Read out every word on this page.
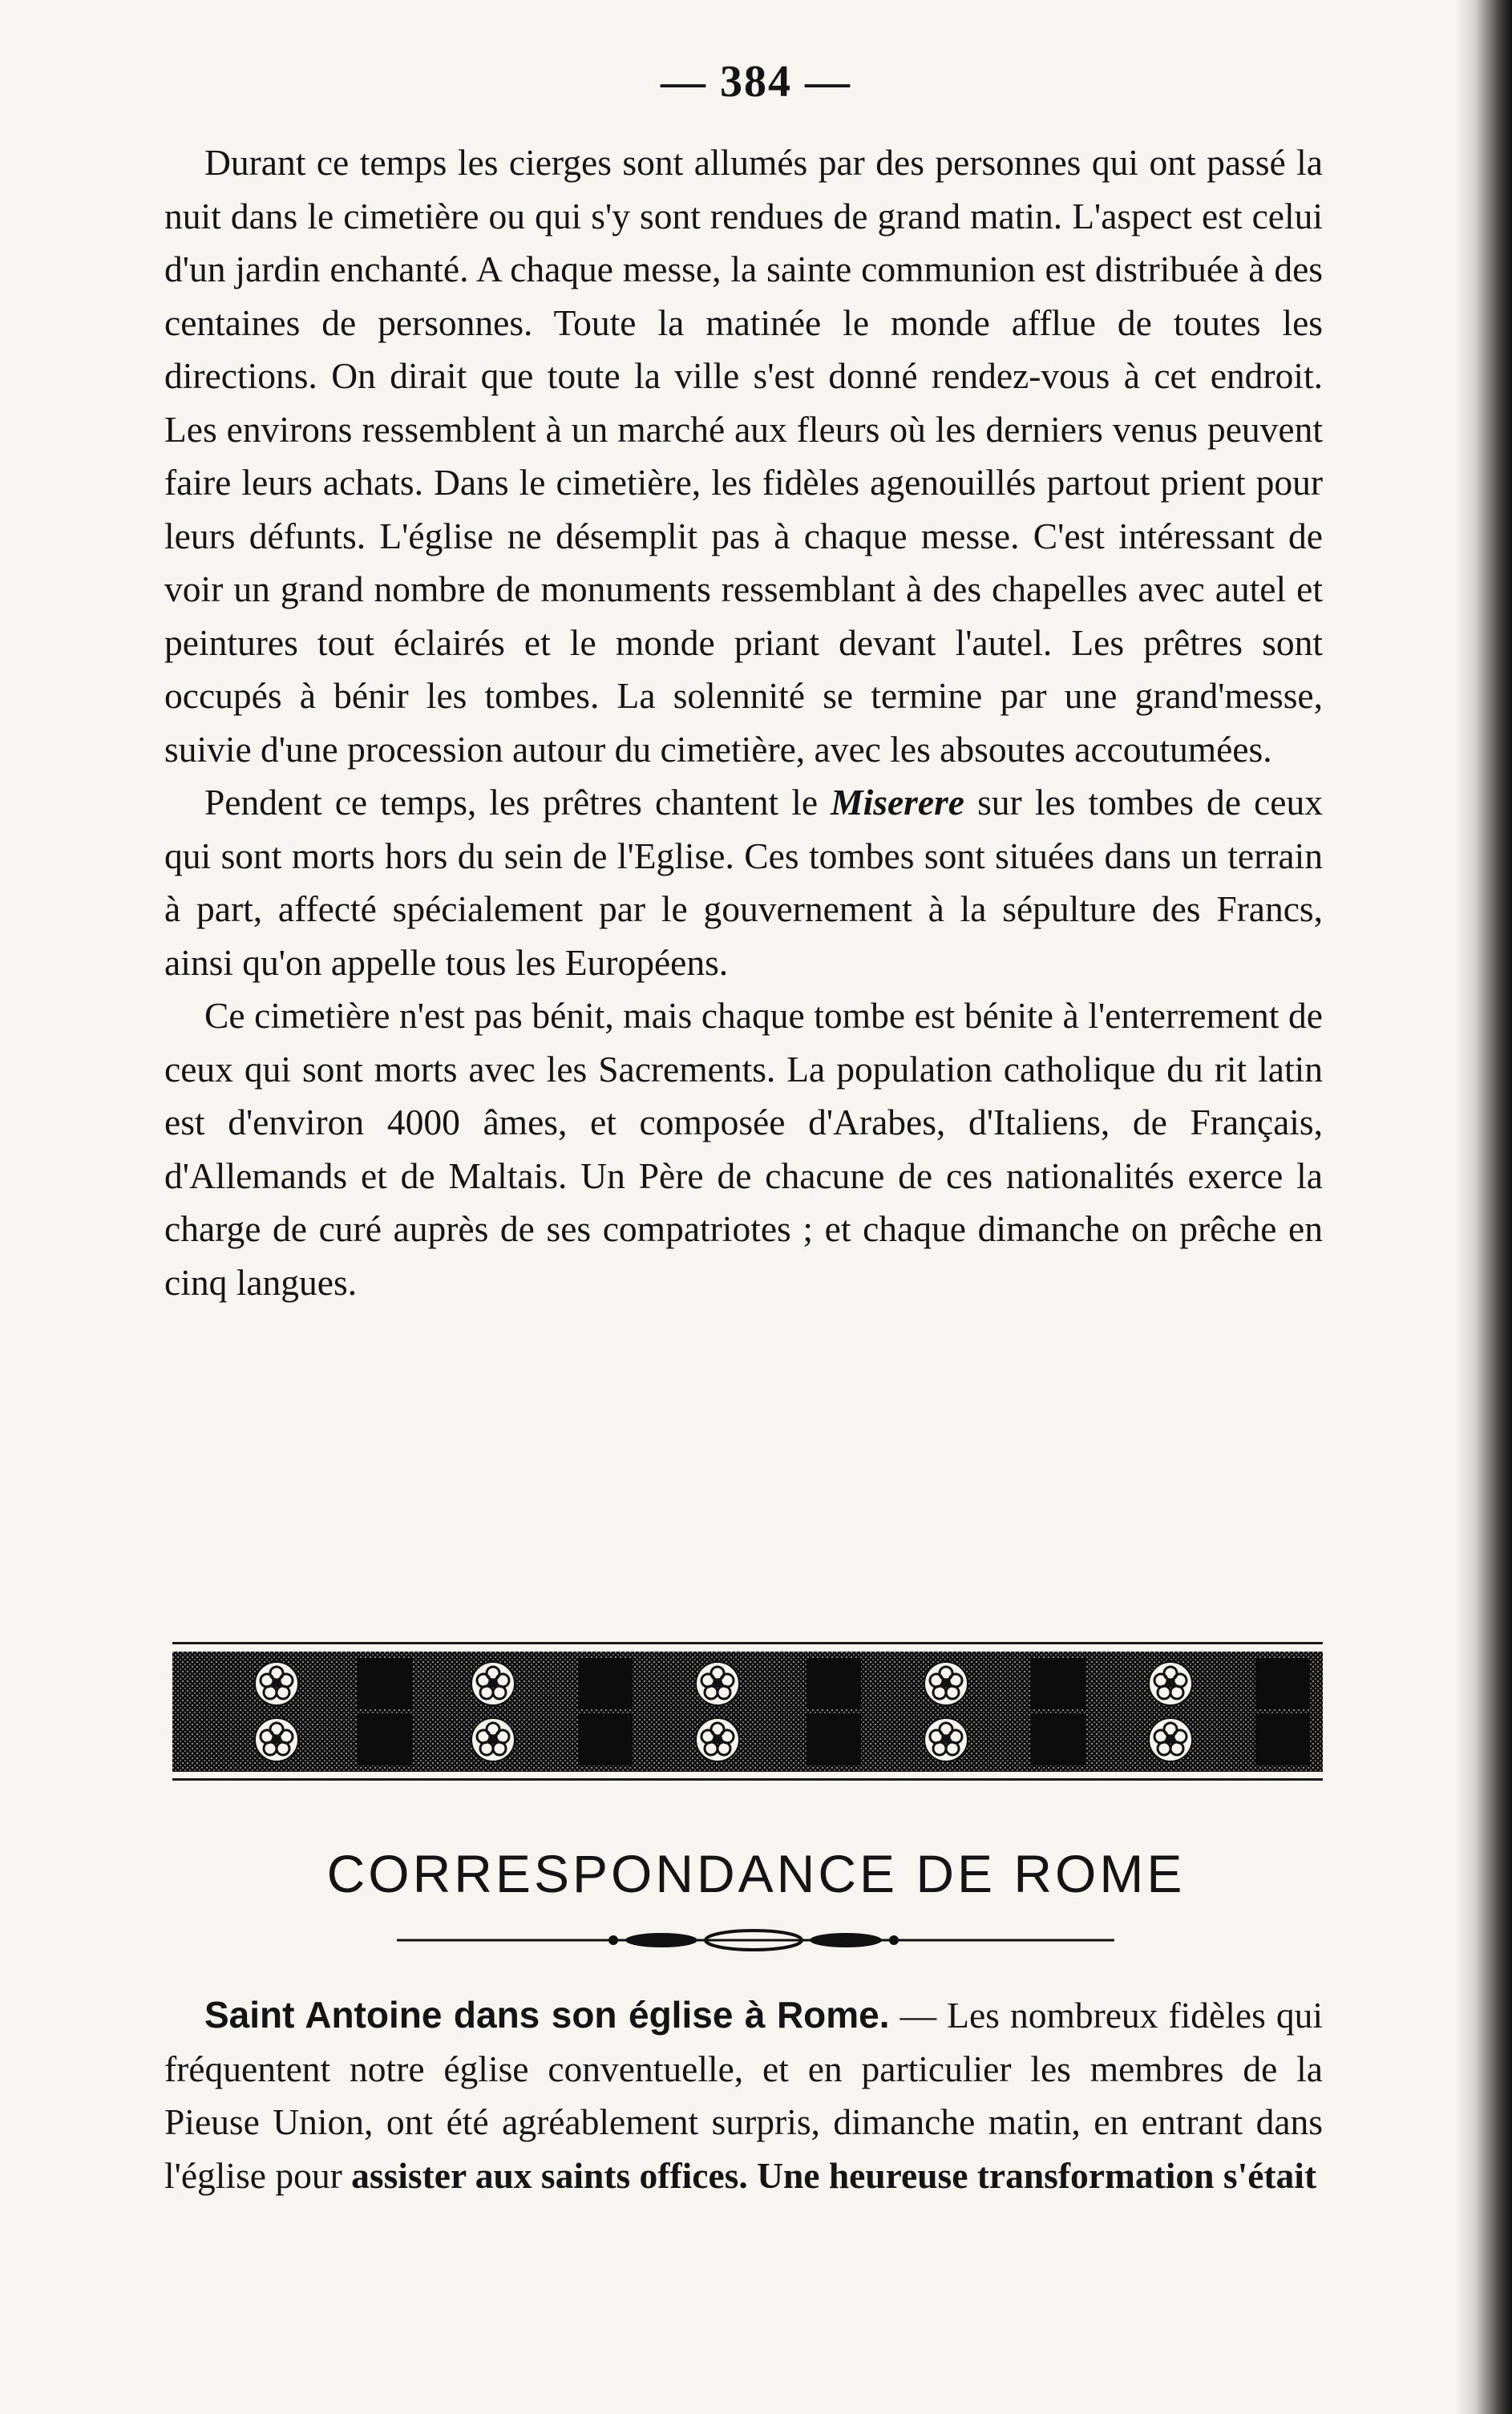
— 384 —

Durant ce temps les cierges sont allumés par des personnes qui ont passé la nuit dans le cimetière ou qui s'y sont rendues de grand matin. L'aspect est celui d'un jardin enchanté. A chaque messe, la sainte communion est distribuée à des centaines de personnes. Toute la matinée le monde afflue de toutes les directions. On dirait que toute la ville s'est donné rendez-vous à cet endroit. Les environs ressemblent à un marché aux fleurs où les derniers venus peuvent faire leurs achats. Dans le cimetière, les fidèles agenouillés partout prient pour leurs défunts. L'église ne désemplit pas à chaque messe. C'est intéressant de voir un grand nombre de monuments ressemblant à des chapelles avec autel et peintures tout éclairés et le monde priant devant l'autel. Les prêtres sont occupés à bénir les tombes. La solennité se termine par une grand'messe, suivie d'une procession autour du cimetière, avec les absoutes accoutumées.

Pendent ce temps, les prêtres chantent le Miserere sur les tombes de ceux qui sont morts hors du sein de l'Eglise. Ces tombes sont situées dans un terrain à part, affecté spécialement par le gouvernement à la sépulture des Francs, ainsi qu'on appelle tous les Européens.

Ce cimetière n'est pas bénit, mais chaque tombe est bénite à l'enterrement de ceux qui sont morts avec les Sacrements. La population catholique du rit latin est d'environ 4000 âmes, et composée d'Arabes, d'Italiens, de Français, d'Allemands et de Maltais. Un Père de chacune de ces nationalités exerce la charge de curé auprès de ses compatriotes ; et chaque dimanche on prêche en cinq langues.

CORRESPONDANCE DE ROME

Saint Antoine dans son église à Rome. — Les nombreux fidèles qui fréquentent notre église conventuelle, et en particulier les membres de la Pieuse Union, ont été agréablement surpris, dimanche matin, en entrant dans l'église pour assister aux saints offices. Une heureuse transformation s'était
